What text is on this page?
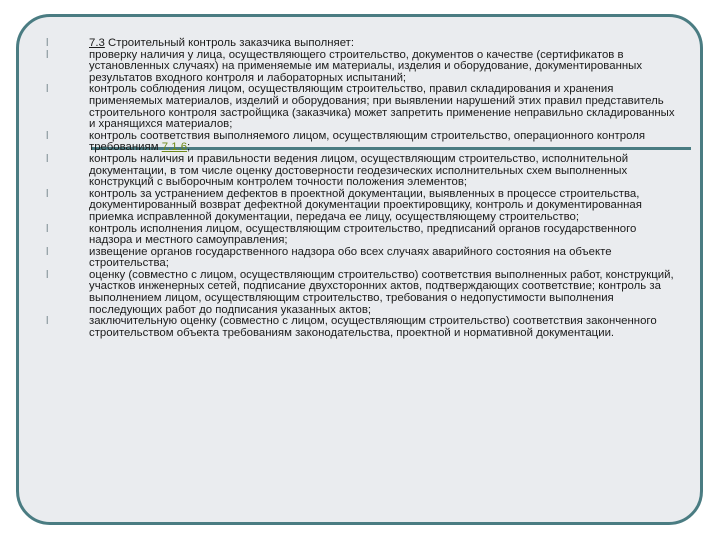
l	7.3 Строительный контроль заказчика выполняет:
l	проверку наличия у лица, осуществляющего строительство, документов о качестве (сертификатов в установленных случаях) на применяемые им материалы, изделия и оборудование, документированных результатов входного контроля и лабораторных испытаний;
l	контроль соблюдения лицом, осуществляющим строительство, правил складирования и хранения применяемых материалов, изделий и оборудования; при выявлении нарушений этих правил представитель строительного контроля застройщика (заказчика) может запретить применение неправильно складированных и хранящихся материалов;
l	контроль соответствия выполняемого лицом, осуществляющим строительство, операционного контроля требованиям 7.1.6;
l	контроль наличия и правильности ведения лицом, осуществляющим строительство, исполнительной документации, в том числе оценку достоверности геодезических исполнительных схем выполненных конструкций с выборочным контролем точности положения элементов;
l	контроль за устранением дефектов в проектной документации, выявленных в процессе строительства, документированный возврат дефектной документации проектировщику, контроль и документированная приемка исправленной документации, передача ее лицу, осуществляющему строительство;
l	контроль исполнения лицом, осуществляющим строительство, предписаний органов государственного надзора и местного самоуправления;
l	извещение органов государственного надзора обо всех случаях аварийного состояния на объекте строительства;
l	оценку (совместно с лицом, осуществляющим строительство) соответствия выполненных работ, конструкций, участков инженерных сетей, подписание двухсторонних актов, подтверждающих соответствие; контроль за выполнением лицом, осуществляющим строительство, требования о недопустимости выполнения последующих работ до подписания указанных актов;
l	заключительную оценку (совместно с лицом, осуществляющим строительство) соответствия законченного строительством объекта требованиям законодательства, проектной и нормативной документации.
